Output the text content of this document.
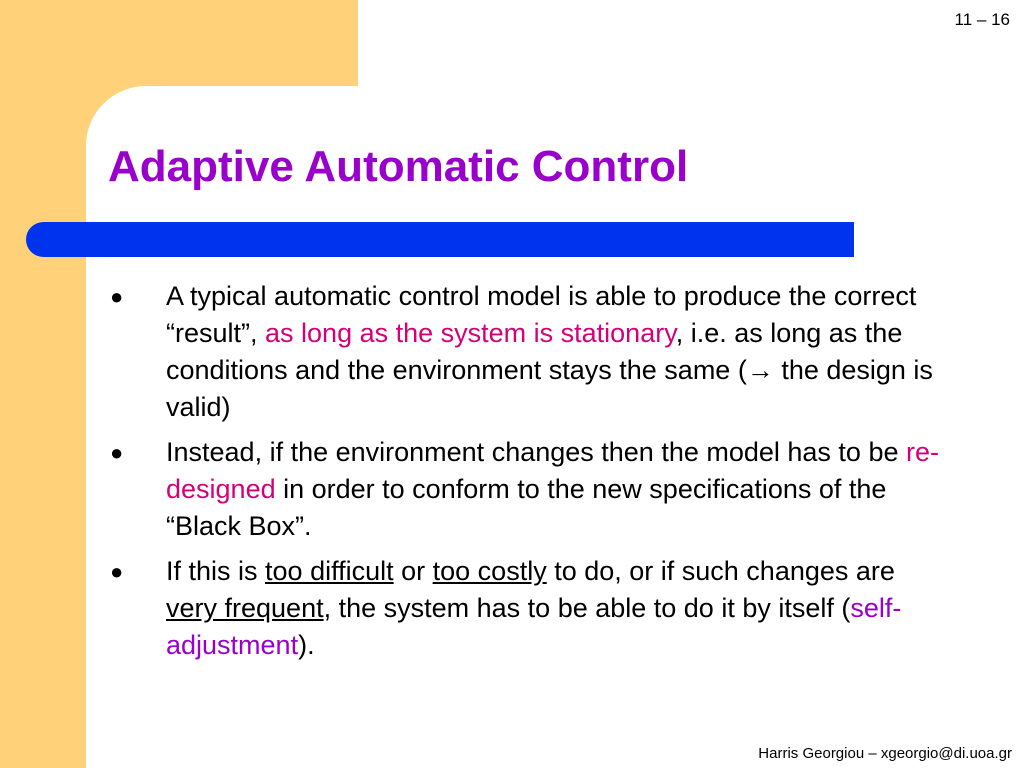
11 – 16
Adaptive Automatic Control
● A typical automatic control model is able to produce the correct “result”, as long as the system is stationary, i.e. as long as the conditions and the environment stays the same (→ the design is valid)
● Instead, if the environment changes then the model has to be re-designed in order to conform to the new specifications of the “Black Box”.
● If this is too difficult or too costly to do, or if such changes are very frequent, the system has to be able to do it by itself (self-adjustment).
Harris Georgiou – xgeorgio@di.uoa.gr
